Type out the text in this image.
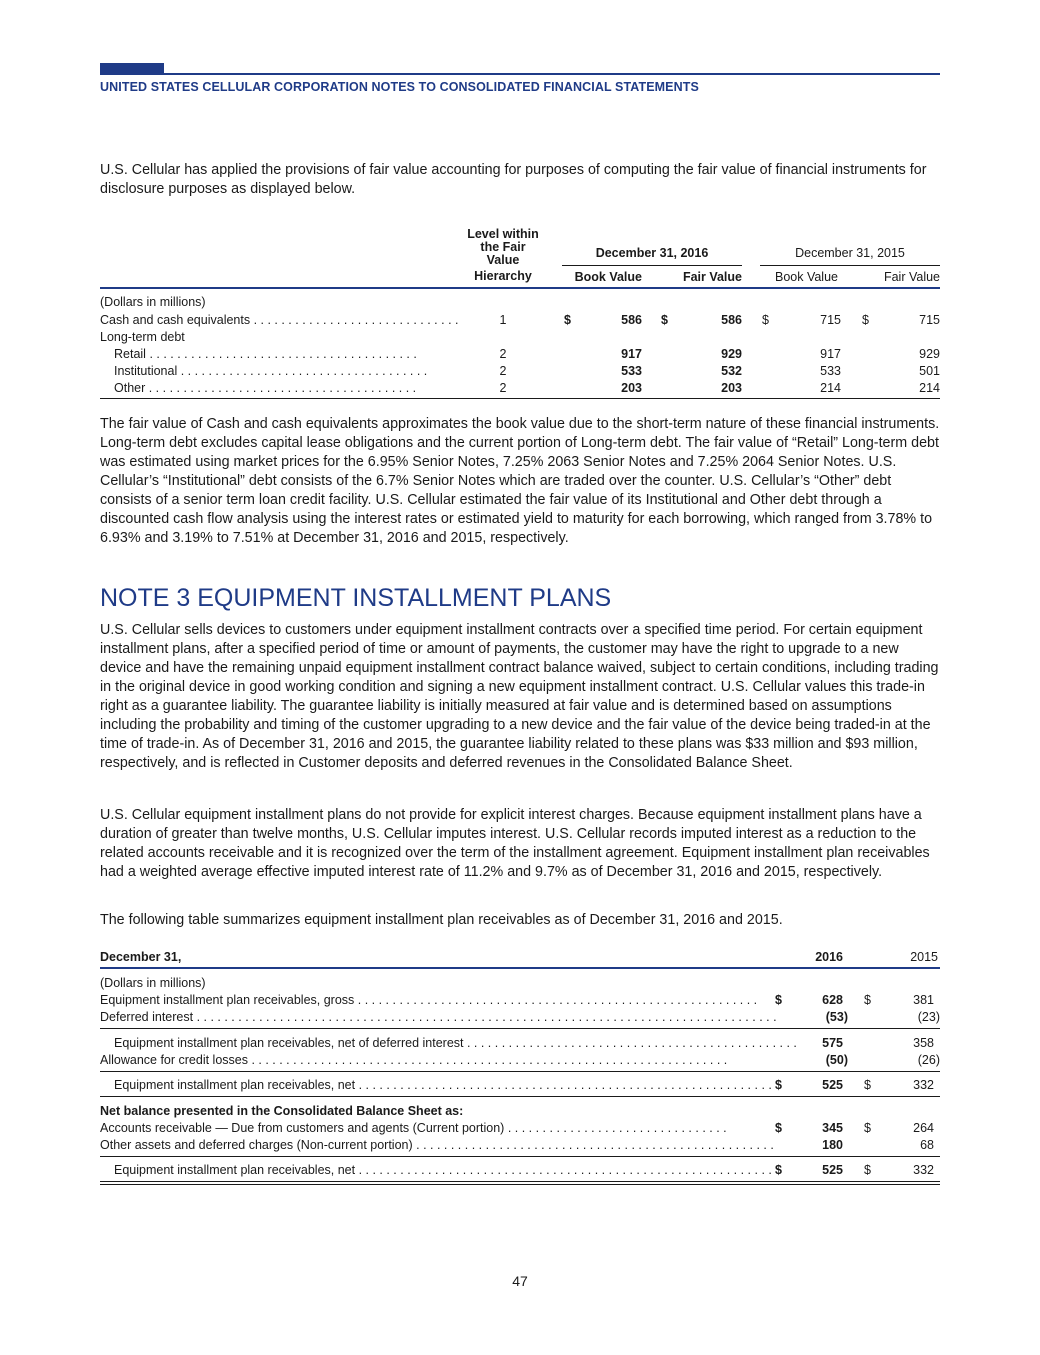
UNITED STATES CELLULAR CORPORATION NOTES TO CONSOLIDATED FINANCIAL STATEMENTS

U.S. Cellular has applied the provisions of fair value accounting for purposes of computing the fair value of financial instruments for disclosure purposes as displayed below.

Level within
the Fair
Value
Hierarchy
December 31, 2016	December 31, 2015
Book Value	Fair Value	Book Value	Fair Value
(Dollars in millions)
Cash and cash equivalents . . . . . . . . . . . . . . . . . . . . . . . . . . . . . .	1	$	586 $	586 $	715 $	715
Long-term debt
Retail . . . . . . . . . . . . . . . . . . . . . . . . . . . . . . . . . . . . . . .	2	917	929	917	929
Institutional . . . . . . . . . . . . . . . . . . . . . . . . . . . . . . . . . . . .	2	533	532	533	501
Other . . . . . . . . . . . . . . . . . . . . . . . . . . . . . . . . . . . . . . .	2	203	203	214	214

The fair value of Cash and cash equivalents approximates the book value due to the short-term nature of these financial instruments. Long-term debt excludes capital lease obligations and the current portion of Long-term debt. The fair value of “Retail” Long-term debt was estimated using market prices for the 6.95% Senior Notes, 7.25% 2063 Senior Notes and 7.25% 2064 Senior Notes. U.S. Cellular’s “Institutional” debt consists of the 6.7% Senior Notes which are traded over the counter. U.S. Cellular’s “Other” debt consists of a senior term loan credit facility. U.S. Cellular estimated the fair value of its Institutional and Other debt through a discounted cash flow analysis using the interest rates or estimated yield to maturity for each borrowing, which ranged from 3.78% to 6.93% and 3.19% to 7.51% at December 31, 2016 and 2015, respectively.

NOTE 3 EQUIPMENT INSTALLMENT PLANS

U.S. Cellular sells devices to customers under equipment installment contracts over a specified time period. For certain equipment installment plans, after a specified period of time or amount of payments, the customer may have the right to upgrade to a new device and have the remaining unpaid equipment installment contract balance waived, subject to certain conditions, including trading in the original device in good working condition and signing a new equipment installment contract. U.S. Cellular values this trade-in right as a guarantee liability. The guarantee liability is initially measured at fair value and is determined based on assumptions including the probability and timing of the customer upgrading to a new device and the fair value of the device being traded-in at the time of trade-in. As of December 31, 2016 and 2015, the guarantee liability related to these plans was $33 million and $93 million, respectively, and is reflected in Customer deposits and deferred revenues in the Consolidated Balance Sheet.

U.S. Cellular equipment installment plans do not provide for explicit interest charges. Because equipment installment plans have a duration of greater than twelve months, U.S. Cellular imputes interest. U.S. Cellular records imputed interest as a reduction to the related accounts receivable and it is recognized over the term of the installment agreement. Equipment installment plan receivables had a weighted average effective imputed interest rate of 11.2% and 9.7% as of December 31, 2016 and 2015, respectively.

The following table summarizes equipment installment plan receivables as of December 31, 2016 and 2015.

December 31,	2016	2015
(Dollars in millions)
Equipment installment plan receivables, gross . . . . . . . . . . . . . . . . . . . . . . . . . . . . . . . . . . . . . . . . . . . . . . . . . . . . . . . . . . $	628 $	381
Deferred interest . . . . . . . . . . . . . . . . . . . . . . . . . . . . . . . . . . . . . . . . . . . . . . . . . . . . . . . . . . . . . . . . . . . . . . . . . . . . . . . . . . . .	(53)	(23)
Equipment installment plan receivables, net of deferred interest . . . . . . . . . . . . . . . . . . . . . . . . . . . . . . . . . . . . . . . . . . . . . . . .	575	358
Allowance for credit losses . . . . . . . . . . . . . . . . . . . . . . . . . . . . . . . . . . . . . . . . . . . . . . . . . . . . . . . . . . . . . . . . . . . . .	(50)	(26)
Equipment installment plan receivables, net . . . . . . . . . . . . . . . . . . . . . . . . . . . . . . . . . . . . . . . . . . . . . . . . . . . . . . . . . . . . $	525 $	332
Net balance presented in the Consolidated Balance Sheet as:
Accounts receivable — Due from customers and agents (Current portion) . . . . . . . . . . . . . . . . . . . . . . . . . . . . . . . .	$	345 $	264
Other assets and deferred charges (Non-current portion) . . . . . . . . . . . . . . . . . . . . . . . . . . . . . . . . . . . . . . . . . . . . . . . . . . . .	180	68
Equipment installment plan receivables, net . . . . . . . . . . . . . . . . . . . . . . . . . . . . . . . . . . . . . . . . . . . . . . . . . . . . . . . . . . . . $	525 $	332
47
